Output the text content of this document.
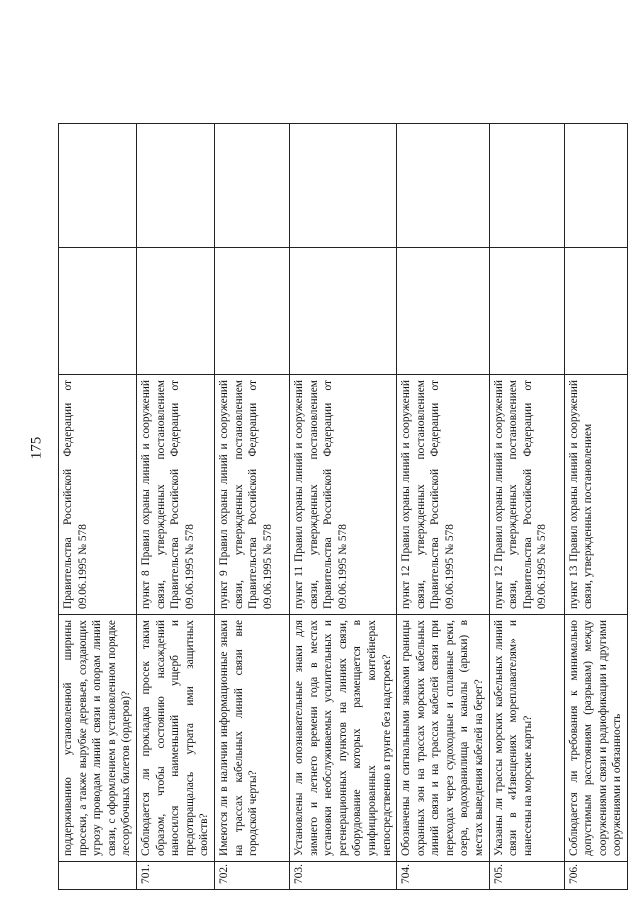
175
	поддерживанию установленной ширины просеки, а также вырубке деревьев, создающих угрозу проводам линий связи и опорам линий связи, с оформлением в установленном порядке лесорубочных билетов (ордеров)?	Правительства Российской Федерации от 09.06.1995 № 578		
701.	Соблюдается ли прокладка просек таким образом, чтобы состоянию насаждений наносился наименьший ущерб и предотвращалась утрата ими защитных свойств?	пункт 8 Правил охраны линий и сооружений связи, утвержденных постановлением Правительства Российской Федерации от 09.06.1995 № 578		
702.	Имеются ли в наличии информационные знаки на трассах кабельных линий связи вне городской черты?	пункт 9 Правил охраны линий и сооружений связи, утвержденных постановлением Правительства Российской Федерации от 09.06.1995 № 578		
703.	Установлены ли опознавательные знаки для зимнего и летнего времени года в местах установки необслуживаемых усилительных и регенерационных пунктов на линиях связи, оборудование которых размещается в унифицированных контейнерах непосредственно в грунте без надстроек?	пункт 11 Правил охраны линий и сооружений связи, утвержденных постановлением Правительства Российской Федерации от 09.06.1995 № 578		
704.	Обозначены ли сигнальными знаками границы охранных зон на трассах морских кабельных линий связи и на трассах кабелей связи при переходах через судоходные и сплавные реки, озера, водохранилища и каналы (арыки) в местах выведения кабелей на берег?	пункт 12 Правил охраны линий и сооружений связи, утвержденных постановлением Правительства Российской Федерации от 09.06.1995 № 578		
705.	Указаны ли трассы морских кабельных линий связи в «Извещениях мореплавателям» и нанесены на морские карты?	пункт 12 Правил охраны линий и сооружений связи, утвержденных постановлением Правительства Российской Федерации от 09.06.1995 № 578		
706.	Соблюдается ли требования к минимально допустимым расстояниям (разрывам) между сооружениями связи и радиофикации и другими сооружениями и обязанность	пункт 13 Правил охраны линий и сооружений связи, утвержденных постановлением		
